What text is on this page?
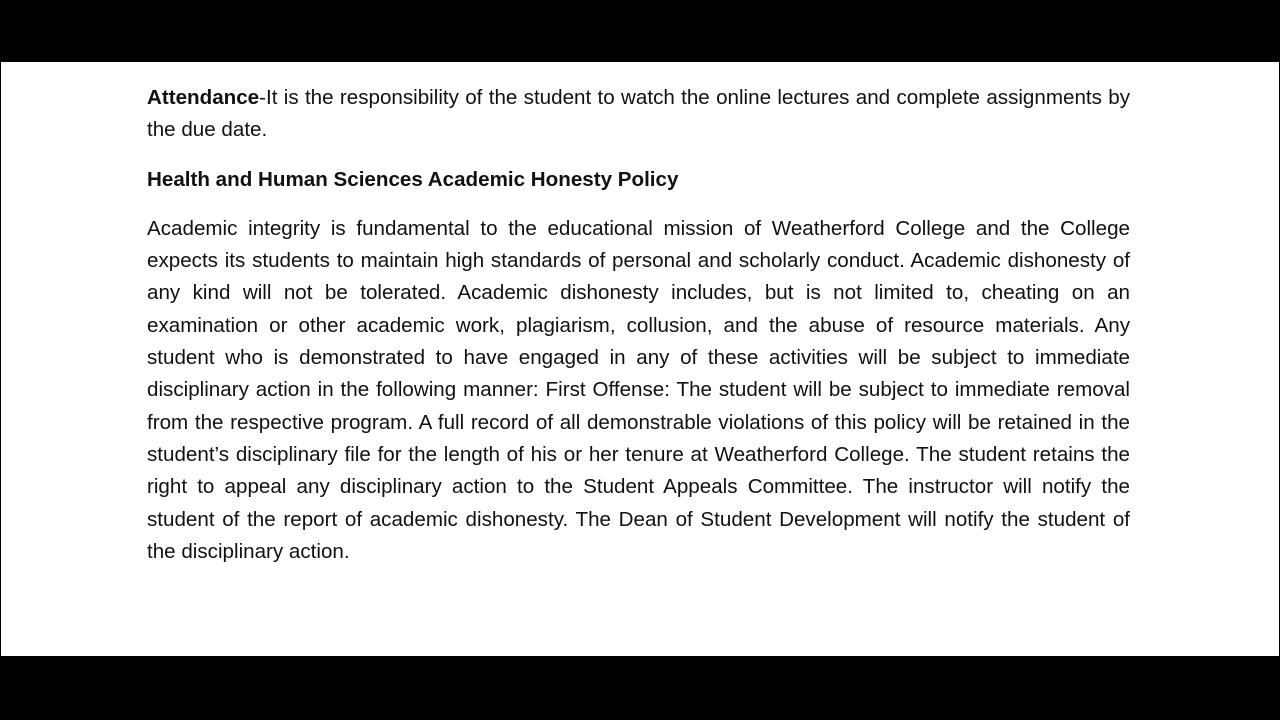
Attendance-It is the responsibility of the student to watch the online lectures and complete assignments by the due date.

Health and Human Sciences Academic Honesty Policy

Academic integrity is fundamental to the educational mission of Weatherford College and the College expects its students to maintain high standards of personal and scholarly conduct. Academic dishonesty of any kind will not be tolerated. Academic dishonesty includes, but is not limited to, cheating on an examination or other academic work, plagiarism, collusion, and the abuse of resource materials. Any student who is demonstrated to have engaged in any of these activities will be subject to immediate disciplinary action in the following manner: First Offense: The student will be subject to immediate removal from the respective program. A full record of all demonstrable violations of this policy will be retained in the student’s disciplinary file for the length of his or her tenure at Weatherford College. The student retains the right to appeal any disciplinary action to the Student Appeals Committee. The instructor will notify the student of the report of academic dishonesty. The Dean of Student Development will notify the student of the disciplinary action.
